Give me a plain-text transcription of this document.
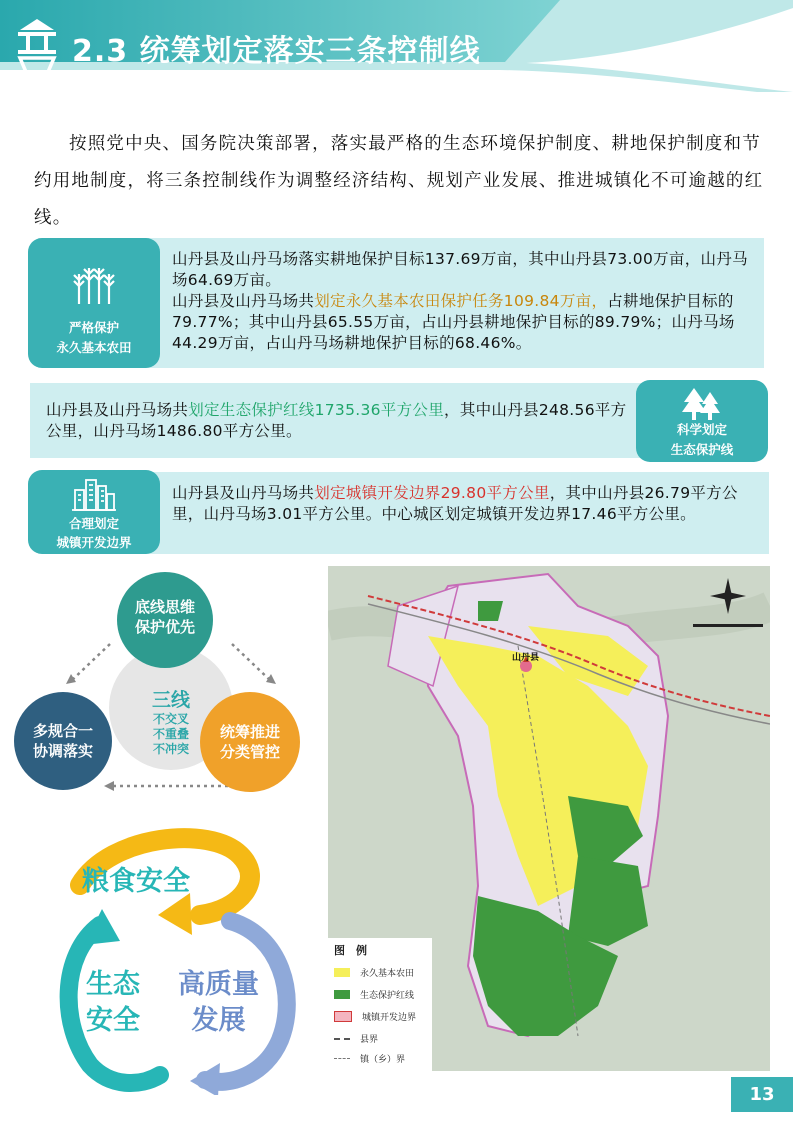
2.3 统筹划定落实三条控制线
按照党中央、国务院决策部署，落实最严格的生态环境保护制度、耕地保护制度和节约用地制度，将三条控制线作为调整经济结构、规划产业发展、推进城镇化不可逾越的红线。
严格保护
永久基本农田
山丹县及山丹马场落实耕地保护目标137.69万亩，其中山丹县73.00万亩，山丹马场64.69万亩。
山丹县及山丹马场共划定永久基本农田保护任务109.84万亩，占耕地保护目标的79.77%；其中山丹县65.55万亩，占山丹县耕地保护目标的89.79%；山丹马场44.29万亩，占山丹马场耕地保护目标的68.46%。
科学划定
生态保护线
山丹县及山丹马场共划定生态保护红线1735.36平方公里，其中山丹县248.56平方公里，山丹马场1486.80平方公里。
合理划定
城镇开发边界
山丹县及山丹马场共划定城镇开发边界29.80平方公里，其中山丹县26.79平方公里，山丹马场3.01平方公里。中心城区划定城镇开发边界17.46平方公里。
底线思维
保护优先
多规合一
协调落实
统筹推进
分类管控
三线
不交叉
不重叠
不冲突
粮食安全
生态
安全
高质量
发展
山丹县
图　例
永久基本农田
生态保护红线
城镇开发边界
县界
镇（乡）界
13
